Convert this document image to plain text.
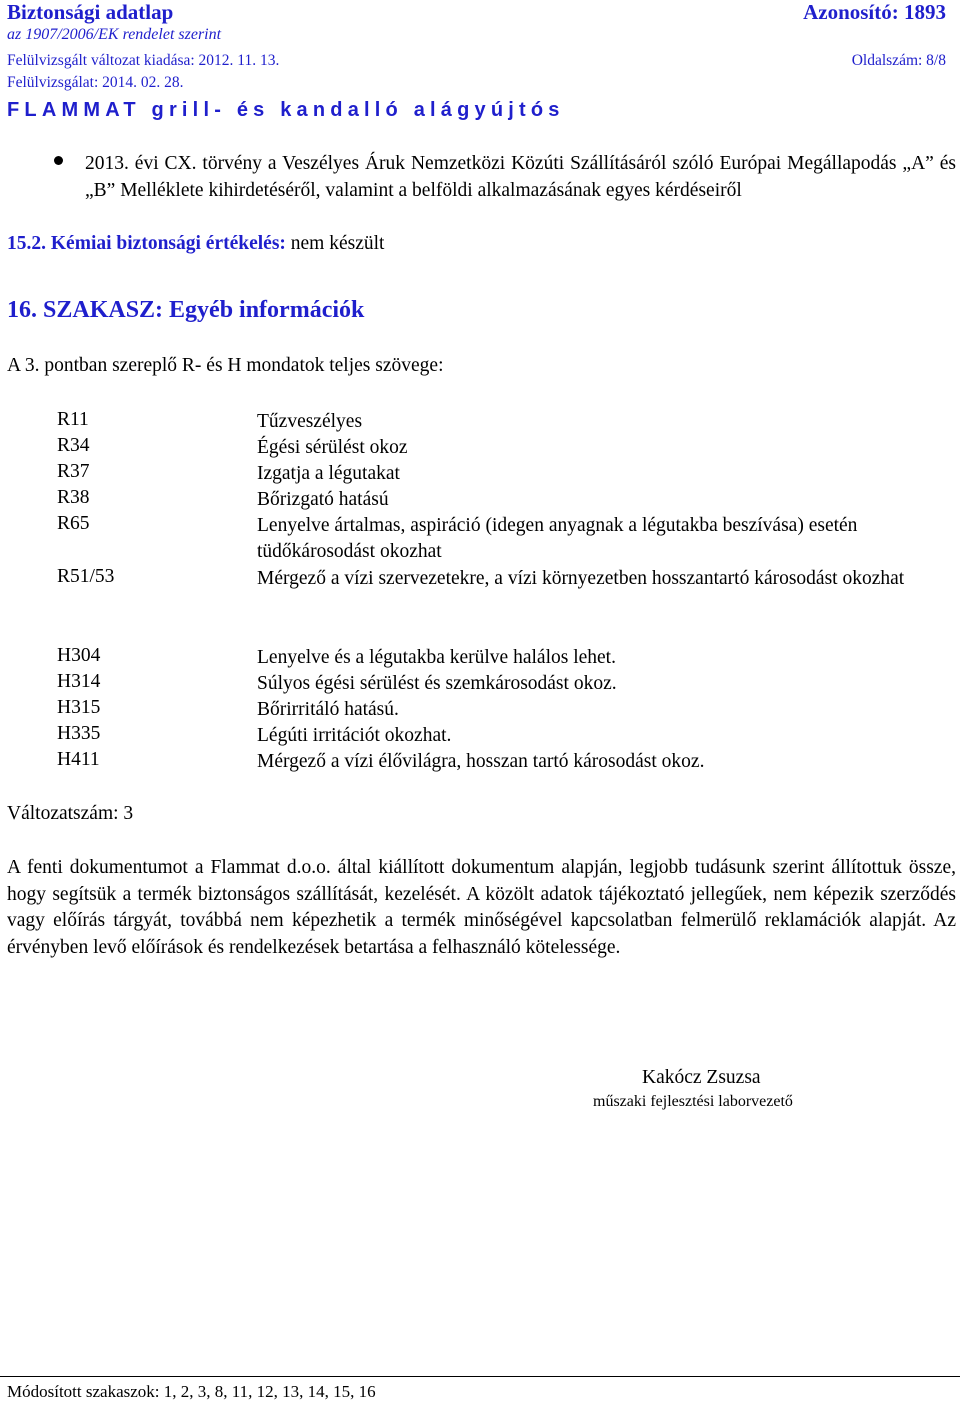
Biztonsági adatlap	Azonosító: 1893
az 1907/2006/EK rendelet szerint
Felülvizsgált változat kiadása: 2012. 11. 13.	Oldalszám: 8/8
Felülvizsgálat: 2014. 02. 28.
FLAMMAT grill- és kandalló alágyújtós
2013. évi CX. törvény a Veszélyes Áruk Nemzetközi Közúti Szállításáról szóló Európai Megállapodás „A” és „B” Melléklete kihirdetéséről, valamint a belföldi alkalmazásának egyes kérdéseiről
15.2. Kémiai biztonsági értékelés: nem készült
16. SZAKASZ: Egyéb információk
A 3. pontban szereplő R- és H mondatok teljes szövege:
R11	Tűzveszélyes
R34	Égési sérülést okoz
R37	Izgatja a légutakat
R38	Bőrizgató hatású
R65	Lenyelve ártalmas, aspiráció (idegen anyagnak a légutakba beszívása) esetén tüdőkárosodást okozhat
R51/53	Mérgező a vízi szervezetekre, a vízi környezetben hosszantartó károsodást okozhat
H304	Lenyelve és a légutakba kerülve halálos lehet.
H314	Súlyos égési sérülést és szemkárosodást okoz.
H315	Bőrirritáló hatású.
H335	Légúti irritációt okozhat.
H411	Mérgező a vízi élővilágra, hosszan tartó károsodást okoz.
Változatszám: 3
A fenti dokumentumot a Flammat d.o.o. által kiállított dokumentum alapján, legjobb tudásunk szerint állítottuk össze, hogy segítsük a termék biztonságos szállítását, kezelését. A közölt adatok tájékoztató jellegűek, nem képezik szerződés vagy előírás tárgyát, továbbá nem képezhetik a termék minőségével kapcsolatban felmerülő reklamációk alapját. Az érvényben levő előírások és rendelkezések betartása a felhasználó kötelessége.
Kakócz Zsuzsa
műszaki fejlesztési laborvezető
Módosított szakaszok: 1, 2, 3, 8, 11, 12, 13, 14, 15, 16
